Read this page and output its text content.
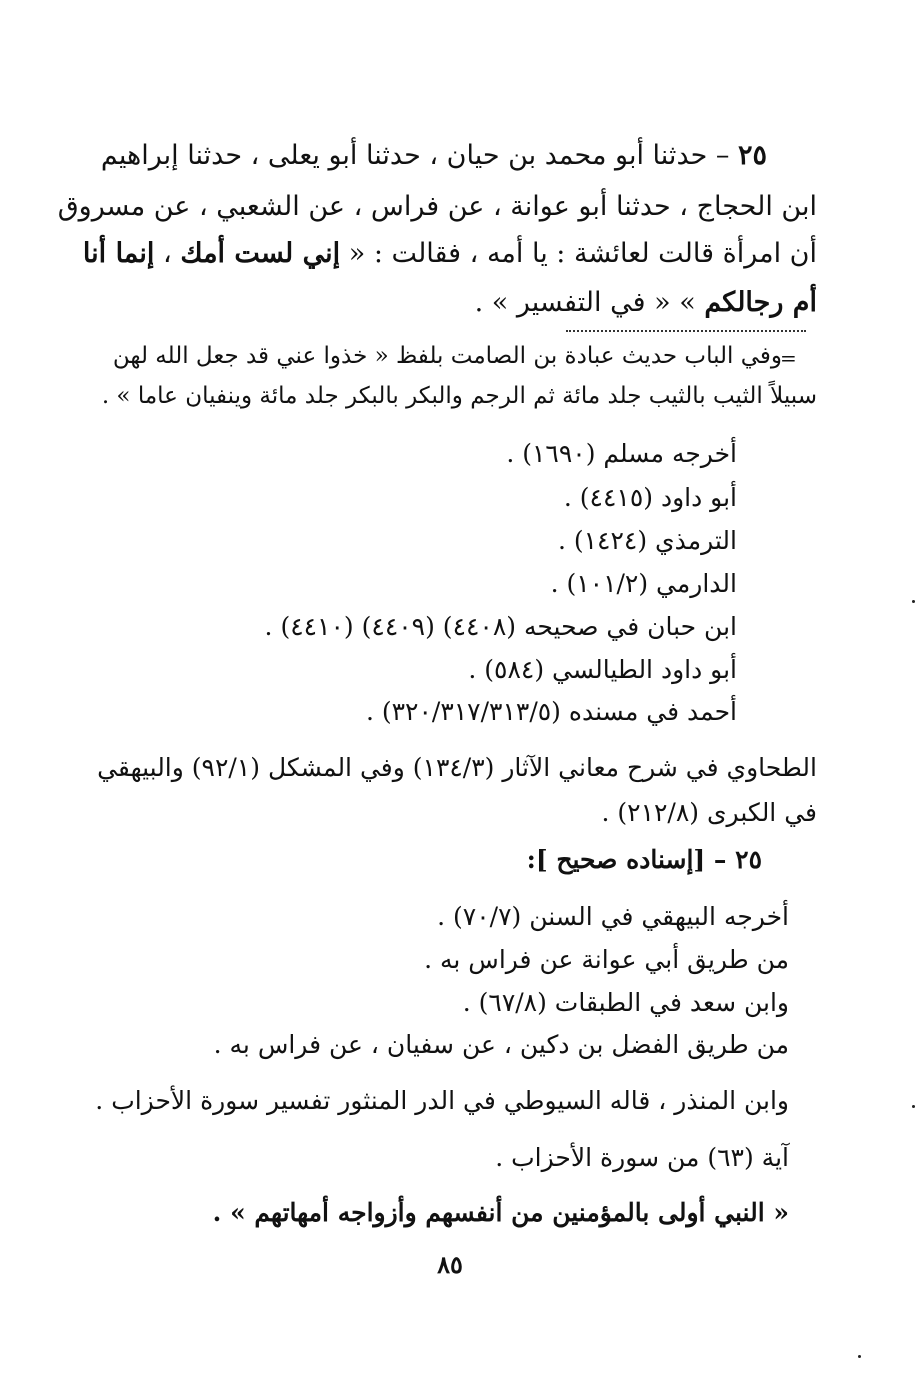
٢٥ – حدثنا أبو محمد بن حيان ، حدثنا أبو يعلى ، حدثنا إبراهيم
ابن الحجاج ، حدثنا أبو عوانة ، عن فراس ، عن الشعبي ، عن مسروق
أن امرأة قالت لعائشة : يا أمه ، فقالت : « إني لست أمك ، إنما أنا
أم رجالكم » « في التفسير » .
=
وفي الباب حديث عبادة بن الصامت بلفظ « خذوا عني قد جعل الله لهن
سبيلاً الثيب بالثيب جلد مائة ثم الرجم والبكر بالبكر جلد مائة وينفيان عاما » .
أخرجه مسلم (١٦٩٠) .
أبو داود (٤٤١٥) .
الترمذي (١٤٢٤) .
الدارمي (١٠١/٢) .
ابن حبان في صحيحه (٤٤٠٨) (٤٤٠٩) (٤٤١٠) .
أبو داود الطيالسي (٥٨٤) .
أحمد في مسنده (٣٢٠/٣١٧/٣١٣/٥) .
الطحاوي في شرح معاني الآثار (١٣٤/٣) وفي المشكل (٩٢/١) والبيهقي
في الكبرى (٢١٢/٨) .
٢٥ – [إسناده صحيح ]:
أخرجه البيهقي في السنن (٧٠/٧) .
من طريق أبي عوانة عن فراس به .
وابن سعد في الطبقات (٦٧/٨) .
من طريق الفضل بن دكين ، عن سفيان ، عن فراس به .
وابن المنذر ، قاله السيوطي في الدر المنثور تفسير سورة الأحزاب .
آية (٦٣) من سورة الأحزاب .
« النبي أولى بالمؤمنين من أنفسهم وأزواجه أمهاتهم » .
٨٥
